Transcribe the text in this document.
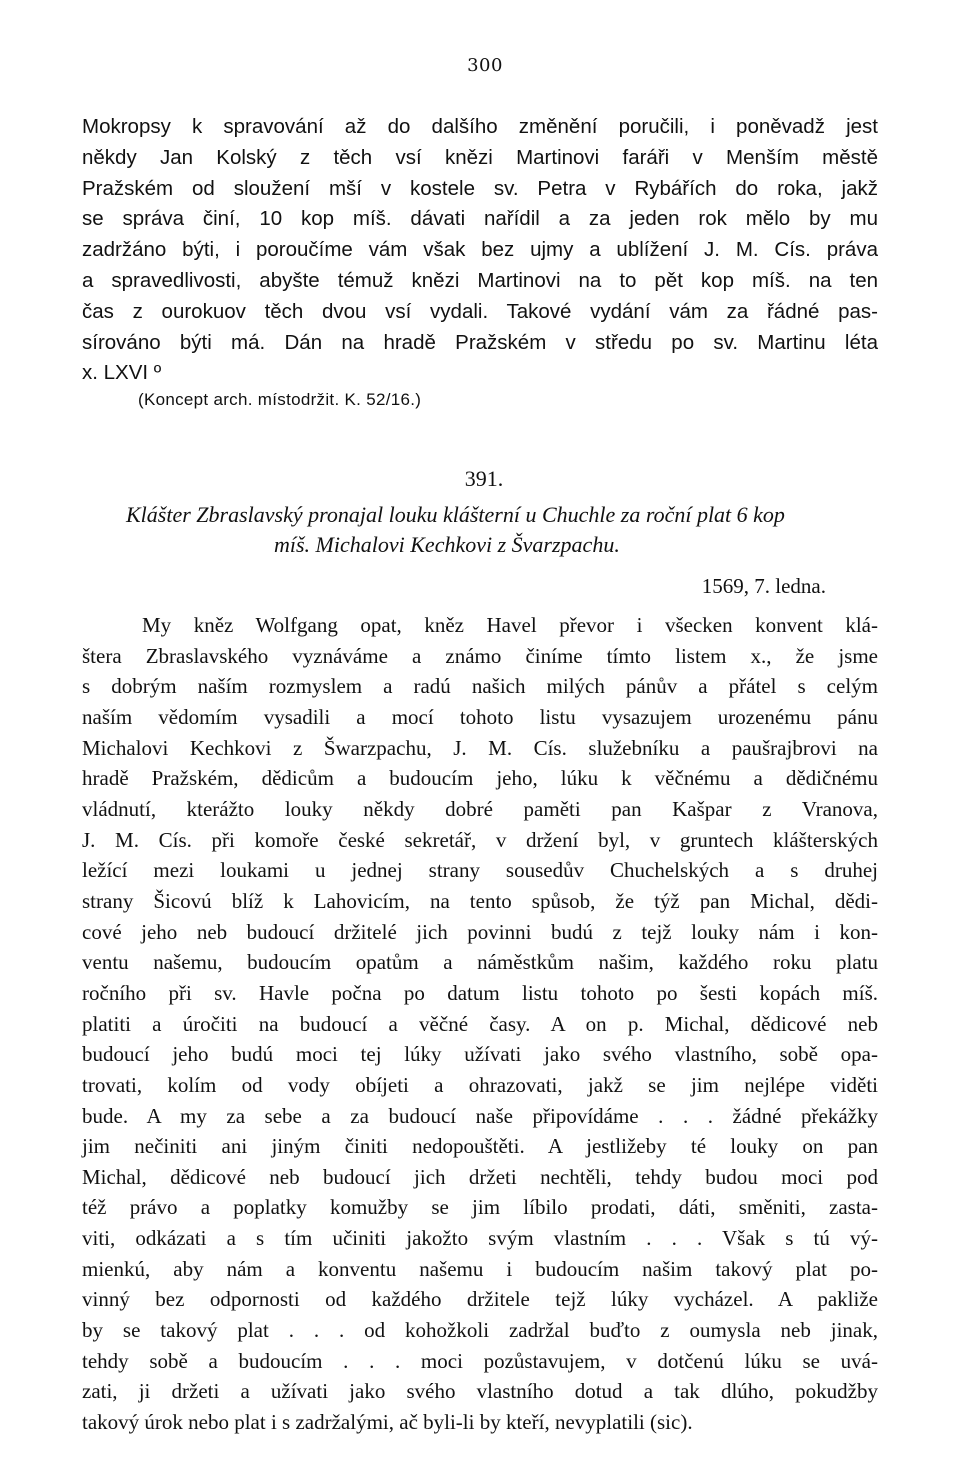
300
Mokropsy k spravování až do dalšího změnění poručili, i poněvadž jest
někdy Jan Kolský z těch vsí knězi Martinovi faráři v Menším městě
Pražském od sloužení mší v kostele sv. Petra v Rybářích do roka, jakž
se správa činí, 10 kop míš. dávati nařídil a za jeden rok mělo by mu
zadržáno býti, i poroučíme vám však bez ujmy a ublížení J. M. Cís. práva
a spravedlivosti, abyšte témuž knězi Martinovi na to pět kop míš. na ten
čas z ourokuov těch dvou vsí vydali. Takové vydání vám za řádné pas-
sírováno býti má. Dán na hradě Pražském v středu po sv. Martinu léta
x. LXVI º
(Koncept arch. místodržit. K. 52/16.)
391.
Klášter Zbraslavský pronajal louku klášterní u Chuchle za roční plat 6 kop
míš. Michalovi Kechkovi z Švarzpachu.
1569, 7. ledna.
My kněz Wolfgang opat, kněz Havel převor i všecken konvent klá-
štera Zbraslavského vyznáváme a známo činíme tímto listem x., že jsme
s dobrým naším rozmyslem a radú našich milých pánův a přátel s celým
naším vědomím vysadili a mocí tohoto listu vysazujem urozenému pánu
Michalovi Kechkovi z Šwarzpachu, J. M. Cís. služebníku a paušrajbrovi na
hradě Pražském, dědicům a budoucím jeho, lúku k věčnému a dědičnému
vládnutí, kterážto louky někdy dobré paměti pan Kašpar z Vranova,
J. M. Cís. při komoře české sekretář, v držení byl, v gruntech klášterských
ležící mezi loukami u jednej strany sousedův Chuchelských a s druhej
strany Šicovú blíž k Lahovicím, na tento spůsob, že týž pan Michal, dědi-
cové jeho neb budoucí držitelé jich povinni budú z tejž louky nám i kon-
ventu našemu, budoucím opatům a náměstkům našim, každého roku platu
ročního při sv. Havle počna po datum listu tohoto po šesti kopách míš.
platiti a úročiti na budoucí a věčné časy. A on p. Michal, dědicové neb
budoucí jeho budú moci tej lúky užívati jako svého vlastního, sobě opa-
trovati, kolím od vody obíjeti a ohrazovati, jakž se jim nejlépe viděti
bude. A my za sebe a za budoucí naše připovídáme . . . žádné překážky
jim nečiniti ani jiným činiti nedopouštěti. A jestližeby té louky on pan
Michal, dědicové neb budoucí jich držeti nechtěli, tehdy budou moci pod
též právo a poplatky komužby se jim líbilo prodati, dáti, směniti, zasta-
viti, odkázati a s tím učiniti jakožto svým vlastním . . . Však s tú vý-
mienkú, aby nám a konventu našemu i budoucím našim takový plat po-
vinný bez odpornosti od každého držitele tejž lúky vycházel. A pakliže
by se takový plat . . . od kohožkoli zadržal buďto z oumysla neb jinak,
tehdy sobě a budoucím . . . moci pozůstavujem, v dotčenú lúku se uvá-
zati, ji držeti a užívati jako svého vlastního dotud a tak dlúho, pokudžby
takový úrok nebo plat i s zadržalými, ač byli-li by kteří, nevyplatili (sic).
